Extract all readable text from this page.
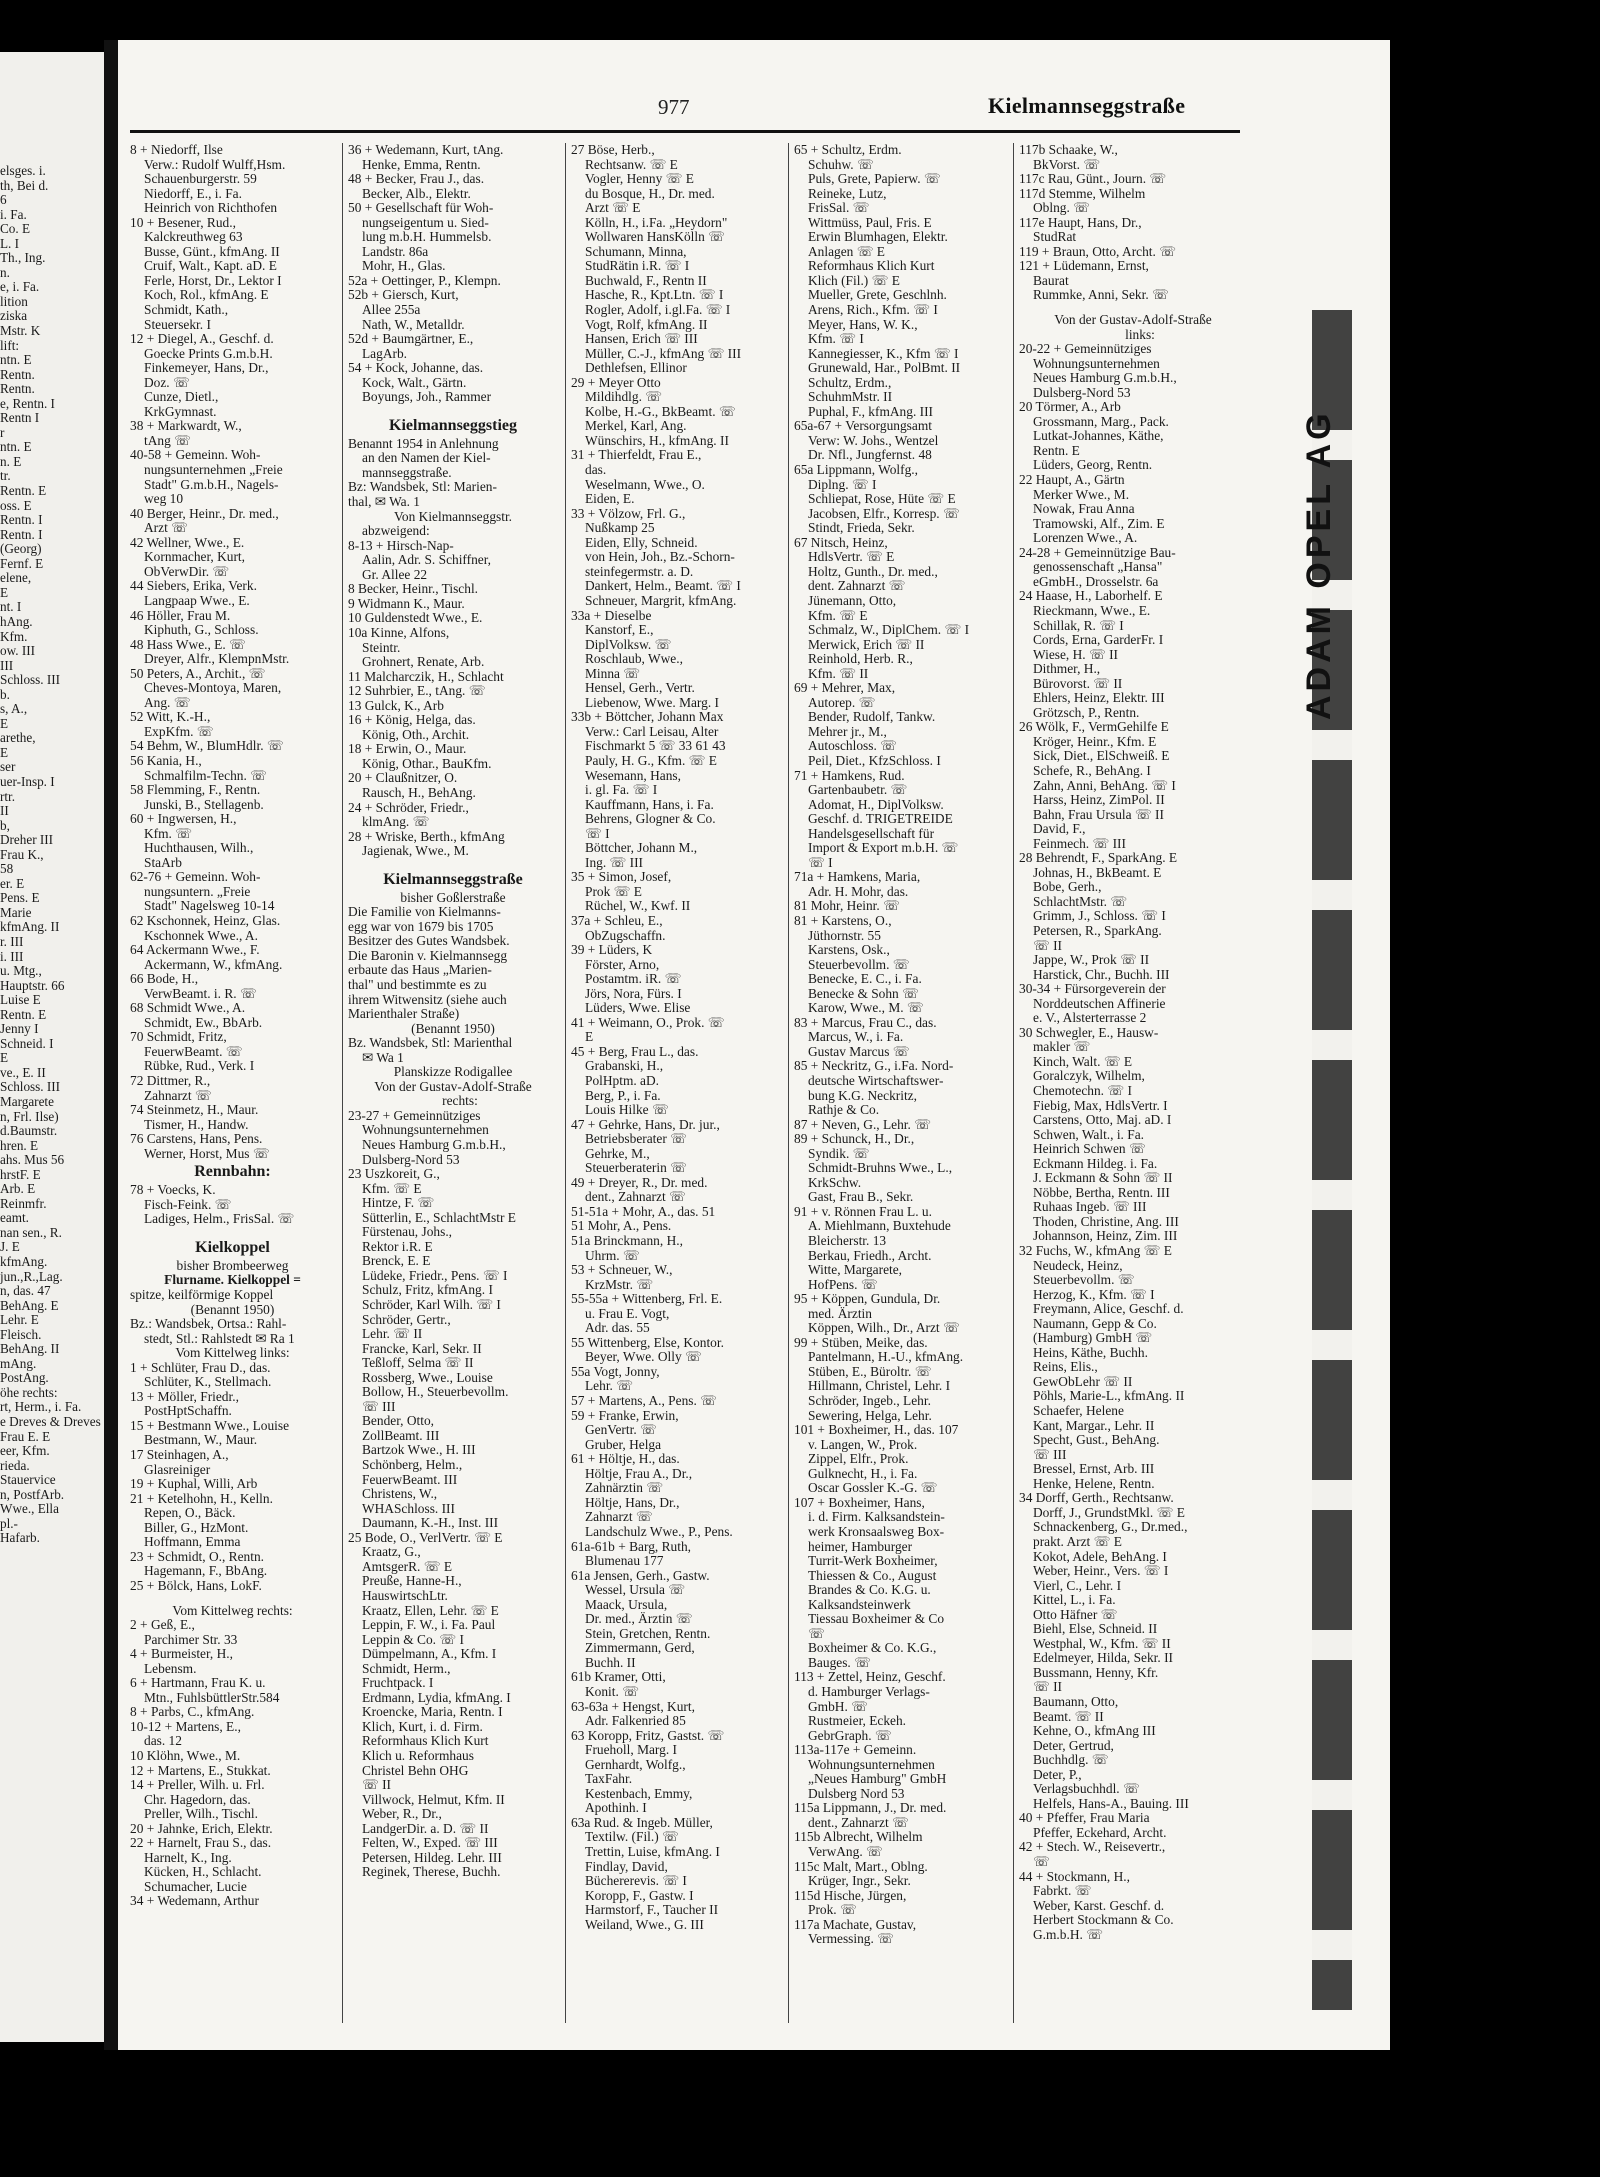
elsges. i.
th, Bei d.
6
i. Fa.
Co. E
L. I
Th., Ing.
n.
e, i. Fa.
lition
ziska
Mstr. K
lift:
ntn. E
Rentn.
Rentn.
e, Rentn. I
Rentn I
r
ntn. E
n. E
tr.
Rentn. E
oss. E
Rentn. I
Rentn. I
(Georg)
Fernf. E
elene,
E
nt. I
hAng.
Kfm.
ow. III
III
Schloss. III
b.
s, A.,
E
arethe,
E
ser
uer-Insp. I
rtr.
II
b,
Dreher III
Frau K.,
58
er. E
Pens. E
Marie
kfmAng. II
r. III
i. III
u. Mtg.,
Hauptstr. 66
Luise E
Rentn. E
Jenny I
Schneid. I
E
ve., E. II
Schloss. III
Margarete
n, Frl. Ilse)
d.Baumstr.
hren. E
ahs. Mus 56
hrstF. E
Arb. E
Reinmfr.
eamt.
nan sen., R.
J. E
kfmAng.
jun.,R.,Lag.
n, das. 47
BehAng. E
Lehr. E
Fleisch.
BehAng. II
mAng.
PostAng.
öhe rechts:
rt, Herm., i. Fa.
e Dreves & Dreves
Frau E. E
eer, Kfm.
rieda.
Stauervice
n, PostfArb.
Wwe., Ella
pl.-
Hafarb.
977	Kielmannseggstraße
8 + Niedorff, Ilse
Verw.: Rudolf Wulff,Hsm.
Schauenburgerstr. 59
Niedorff, E., i. Fa.
Heinrich von Richthofen
10 + Besener, Rud.,
Kalckreuthweg 63
Busse, Günt., kfmAng. II
Cruif, Walt., Kapt. aD. E
Ferle, Horst, Dr., Lektor I
Koch, Rol., kfmAng. E
Schmidt, Kath.,
Steuersekr. I
12 + Diegel, A., Geschf. d.
Goecke Prints G.m.b.H.
Finkemeyer, Hans, Dr.,
Doz. ☏
Cunze, Dietl.,
KrkGymnast.
38 + Markwardt, W.,
tAng ☏
40-58 + Gemeinn. Woh-
nungsunternehmen „Freie
Stadt" G.m.b.H., Nagels-
weg 10
40 Berger, Heinr., Dr. med.,
Arzt ☏
42 Wellner, Wwe., E.
Kornmacher, Kurt,
ObVerwDir. ☏
44 Siebers, Erika, Verk.
Langpaap Wwe., E.
46 Höller, Frau M.
Kiphuth, G., Schloss.
48 Hass Wwe., E. ☏
Dreyer, Alfr., KlempnMstr.
50 Peters, A., Archit., ☏
Cheves-Montoya, Maren,
Ang. ☏
52 Witt, K.-H.,
ExpKfm. ☏
54 Behm, W., BlumHdlr. ☏
56 Kania, H.,
Schmalfilm-Techn. ☏
58 Flemming, F., Rentn.
Junski, B., Stellagenb.
60 + Ingwersen, H.,
Kfm. ☏
Huchthausen, Wilh.,
StaArb
62-76 + Gemeinn. Woh-
nungsuntern. „Freie
Stadt" Nagelsweg 10-14
62 Kschonnek, Heinz, Glas.
Kschonnek Wwe., A.
64 Ackermann Wwe., F.
Ackermann, W., kfmAng.
66 Bode, H.,
VerwBeamt. i. R. ☏
68 Schmidt Wwe., A.
Schmidt, Ew., BbArb.
70 Schmidt, Fritz,
FeuerwBeamt. ☏
Rübke, Rud., Verk. I
72 Dittmer, R.,
Zahnarzt ☏
74 Steinmetz, H., Maur.
Tismer, H., Handw.
76 Carstens, Hans, Pens.
Werner, Horst, Mus ☏
Rennbahn:
78 + Voecks, K.
Fisch-Feink. ☏
Ladiges, Helm., FrisSal. ☏
Kielkoppel
bisher Brombeerweg
Flurname. Kielkoppel =
spitze, keilförmige Koppel
(Benannt 1950)
Bz.: Wandsbek, Ortsa.: Rahl-
stedt, Stl.: Rahlstedt ✉ Ra 1
Vom Kittelweg links:
1 + Schlüter, Frau D., das.
Schlüter, K., Stellmach.
13 + Möller, Friedr.,
PostHptSchaffn.
15 + Bestmann Wwe., Louise
Bestmann, W., Maur.
17 Steinhagen, A.,
Glasreiniger
19 + Kuphal, Willi, Arb
21 + Ketelhohn, H., Kelln.
Repen, O., Bäck.
Biller, G., HzMont.
Hoffmann, Emma
23 + Schmidt, O., Rentn.
Hagemann, F., BbAng.
25 + Bölck, Hans, LokF.
Vom Kittelweg rechts:
2 + Geß, E.,
Parchimer Str. 33
4 + Burmeister, H.,
Lebensm.
6 + Hartmann, Frau K. u.
Mtn., FuhlsbüttlerStr.584
8 + Parbs, C., kfmAng.
10-12 + Martens, E.,
das. 12
10 Klöhn, Wwe., M.
12 + Martens, E., Stukkat.
14 + Preller, Wilh. u. Frl.
Chr. Hagedorn, das.
Preller, Wilh., Tischl.
20 + Jahnke, Erich, Elektr.
22 + Harnelt, Frau S., das.
Harnelt, K., Ing.
Kücken, H., Schlacht.
Schumacher, Lucie
34 + Wedemann, Arthur
36 + Wedemann, Kurt, tAng.
Henke, Emma, Rentn.
48 + Becker, Frau J., das.
Becker, Alb., Elektr.
50 + Gesellschaft für Woh-
nungseigentum u. Sied-
lung m.b.H. Hummelsb.
Landstr. 86a
Mohr, H., Glas.
52a + Oettinger, P., Klempn.
52b + Giersch, Kurt,
Allee 255a
Nath, W., Metalldr.
52d + Baumgärtner, E.,
LagArb.
54 + Kock, Johanne, das.
Kock, Walt., Gärtn.
Boyungs, Joh., Rammer
Kielmannseggstieg
Benannt 1954 in Anlehnung
an den Namen der Kiel-
mannseggstraße.
Bz: Wandsbek, Stl: Marien-
thal, ✉ Wa. 1
Von Kielmannseggstr.
abzweigend:
8-13 + Hirsch-Nap-
Aalin, Adr. S. Schiffner,
Gr. Allee 22
8 Becker, Heinr., Tischl.
9 Widmann K., Maur.
10 Guldenstedt Wwe., E.
10a Kinne, Alfons,
Steintr.
Grohnert, Renate, Arb.
11 Malcharczik, H., Schlacht
12 Suhrbier, E., tAng. ☏
13 Gulck, K., Arb
16 + König, Helga, das.
König, Oth., Archit.
18 + Erwin, O., Maur.
König, Othar., BauKfm.
20 + Claußnitzer, O.
Rausch, H., BehAng.
24 + Schröder, Friedr.,
klmAng. ☏
28 + Wriske, Berth., kfmAng
Jagienak, Wwe., M.
Kielmannseggstraße
bisher Goßlerstraße
Die Familie von Kielmanns-
egg war von 1679 bis 1705
Besitzer des Gutes Wandsbek.
Die Baronin v. Kielmannsegg
erbaute das Haus „Marien-
thal" und bestimmte es zu
ihrem Witwensitz (siehe auch
Marienthaler Straße)
(Benannt 1950)
Bz. Wandsbek, Stl: Marienthal
✉ Wa 1
Planskizze Rodigallee
Von der Gustav-Adolf-Straße
rechts:
23-27 + Gemeinnütziges
Wohnungsunternehmen
Neues Hamburg G.m.b.H.,
Dulsberg-Nord 53
23 Uszkoreit, G.,
Kfm. ☏ E
Hintze, F. ☏
Sütterlin, E., SchlachtMstr E
Fürstenau, Johs.,
Rektor i.R. E
Brenck, E. E
Lüdeke, Friedr., Pens. ☏ I
Schulz, Fritz, kfmAng. I
Schröder, Karl Wilh. ☏ I
Schröder, Gertr.,
Lehr. ☏ II
Francke, Karl, Sekr. II
Teßloff, Selma ☏ II
Rossberg, Wwe., Louise
Bollow, H., Steuerbevollm.
☏ III
Bender, Otto,
ZollBeamt. III
Bartzok Wwe., H. III
Schönberg, Helm.,
FeuerwBeamt. III
Christens, W.,
WHASchloss. III
Daumann, K.-H., Inst. III
25 Bode, O., VerlVertr. ☏ E
Kraatz, G.,
AmtsgerR. ☏ E
Preuße, Hanne-H.,
HauswirtschLtr.
Kraatz, Ellen, Lehr. ☏ E
Leppin, F. W., i. Fa. Paul
Leppin & Co. ☏ I
Dümpelmann, A., Kfm. I
Schmidt, Herm.,
Fruchtpack. I
Erdmann, Lydia, kfmAng. I
Kroencke, Maria, Rentn. I
Klich, Kurt, i. d. Firm.
Reformhaus Klich Kurt
Klich u. Reformhaus
Christel Behn OHG
☏ II
Villwock, Helmut, Kfm. II
Weber, R., Dr.,
LandgerDir. a. D. ☏ II
Felten, W., Exped. ☏ III
Petersen, Hildeg. Lehr. III
Reginek, Therese, Buchh.
27 Böse, Herb.,
Rechtsanw. ☏ E
Vogler, Henny ☏ E
du Bosque, H., Dr. med.
Arzt ☏ E
Kölln, H., i.Fa. „Heydorn"
Wollwaren HansKölln ☏
Schumann, Minna,
StudRätin i.R. ☏ I
Buchwald, F., Rentn II
Hasche, R., Kpt.Ltn. ☏ I
Rogler, Adolf, i.gl.Fa. ☏ I
Vogt, Rolf, kfmAng. II
Hansen, Erich ☏ III
Müller, C.-J., kfmAng ☏ III
Dethlefsen, Ellinor
29 + Meyer Otto
Mildihdlg. ☏
Kolbe, H.-G., BkBeamt. ☏
Merkel, Karl, Ang.
Wünschirs, H., kfmAng. II
31 + Thierfeldt, Frau E.,
das.
Weselmann, Wwe., O.
Eiden, E.
33 + Völzow, Frl. G.,
Nußkamp 25
Eiden, Elly, Schneid.
von Hein, Joh., Bz.-Schorn-
steinfegermstr. a. D.
Dankert, Helm., Beamt. ☏ I
Schneuer, Margrit, kfmAng.
33a + Dieselbe
Kanstorf, E.,
DiplVolksw. ☏
Roschlaub, Wwe.,
Minna ☏
Hensel, Gerh., Vertr.
Liebenow, Wwe. Marg. I
33b + Böttcher, Johann Max
Verw.: Carl Leisau, Alter
Fischmarkt 5 ☏ 33 61 43
Pauly, H. G., Kfm. ☏ E
Wesemann, Hans,
i. gl. Fa. ☏ I
Kauffmann, Hans, i. Fa.
Behrens, Glogner & Co.
☏ I
Böttcher, Johann M.,
Ing. ☏ III
35 + Simon, Josef,
Prok ☏ E
Rüchel, W., Kwf. II
37a + Schleu, E.,
ObZugschaffn.
39 + Lüders, K
Förster, Arno,
Postamtm. iR. ☏
Jörs, Nora, Fürs. I
Lüders, Wwe. Elise
41 + Weimann, O., Prok. ☏
E
45 + Berg, Frau L., das.
Grabanski, H.,
PolHptm. aD.
Berg, P., i. Fa.
Louis Hilke ☏
47 + Gehrke, Hans, Dr. jur.,
Betriebsberater ☏
Gehrke, M.,
Steuerberaterin ☏
49 + Dreyer, R., Dr. med.
dent., Zahnarzt ☏
51-51a + Mohr, A., das. 51
51 Mohr, A., Pens.
51a Brinckmann, H.,
Uhrm. ☏
53 + Schneuer, W.,
KrzMstr. ☏
55-55a + Wittenberg, Frl. E.
u. Frau E. Vogt,
Adr. das. 55
55 Wittenberg, Else, Kontor.
Beyer, Wwe. Olly ☏
55a Vogt, Jonny,
Lehr. ☏
57 + Martens, A., Pens. ☏
59 + Franke, Erwin,
GenVertr. ☏
Gruber, Helga
61 + Höltje, H., das.
Höltje, Frau A., Dr.,
Zahnärztin ☏
Höltje, Hans, Dr.,
Zahnarzt ☏
Landschulz Wwe., P., Pens.
61a-61b + Barg, Ruth,
Blumenau 177
61a Jensen, Gerh., Gastw.
Wessel, Ursula ☏
Maack, Ursula,
Dr. med., Ärztin ☏
Stein, Gretchen, Rentn.
Zimmermann, Gerd,
Buchh. II
61b Kramer, Otti,
Konit. ☏
63-63a + Hengst, Kurt,
Adr. Falkenried 85
63 Koropp, Fritz, Gastst. ☏
Frueholl, Marg. I
Gernhardt, Wolfg.,
TaxFahr.
Kestenbach, Emmy,
Apothinh. I
63a Rud. & Ingeb. Müller,
Textilw. (Fil.) ☏
Trettin, Luise, kfmAng. I
Findlay, David,
Büchererevis. ☏ I
Koropp, F., Gastw. I
Harmstorf, F., Taucher II
Weiland, Wwe., G. III
65 + Schultz, Erdm.
Schuhw. ☏
Puls, Grete, Papierw. ☏
Reineke, Lutz,
FrisSal. ☏
Wittmüss, Paul, Fris. E
Erwin Blumhagen, Elektr.
Anlagen ☏ E
Reformhaus Klich Kurt
Klich (Fil.) ☏ E
Mueller, Grete, Geschlnh.
Arens, Rich., Kfm. ☏ I
Meyer, Hans, W. K.,
Kfm. ☏ I
Kannegiesser, K., Kfm ☏ I
Grunewald, Har., PolBmt. II
Schultz, Erdm.,
SchuhmMstr. II
Puphal, F., kfmAng. III
65a-67 + Versorgungsamt
Verw: W. Johs., Wentzel
Dr. Nfl., Jungfernst. 48
65a Lippmann, Wolfg.,
Diplng. ☏ I
Schliepat, Rose, Hüte ☏ E
Jacobsen, Elfr., Korresp. ☏
Stindt, Frieda, Sekr.
67 Nitsch, Heinz,
HdlsVertr. ☏ E
Holtz, Gunth., Dr. med.,
dent. Zahnarzt ☏
Jünemann, Otto,
Kfm. ☏ E
Schmalz, W., DiplChem. ☏ I
Merwick, Erich ☏ II
Reinhold, Herb. R.,
Kfm. ☏ II
69 + Mehrer, Max,
Autorep. ☏
Bender, Rudolf, Tankw.
Mehrer jr., M.,
Autoschloss. ☏
Peil, Diet., KfzSchloss. I
71 + Hamkens, Rud.
Gartenbaubetr. ☏
Adomat, H., DiplVolksw.
Geschf. d. TRIGETREIDE
Handelsgesellschaft für
Import & Export m.b.H. ☏
☏ I
71a + Hamkens, Maria,
Adr. H. Mohr, das.
81 Mohr, Heinr. ☏
81 + Karstens, O.,
Jüthornstr. 55
Karstens, Osk.,
Steuerbevollm. ☏
Benecke, E. C., i. Fa.
Benecke & Sohn ☏
Karow, Wwe., M. ☏
83 + Marcus, Frau C., das.
Marcus, W., i. Fa.
Gustav Marcus ☏
85 + Neckritz, G., i.Fa. Nord-
deutsche Wirtschaftswer-
bung K.G. Neckritz,
Rathje & Co.
87 + Neven, G., Lehr. ☏
89 + Schunck, H., Dr.,
Syndik. ☏
Schmidt-Bruhns Wwe., L.,
KrkSchw.
Gast, Frau B., Sekr.
91 + v. Rönnen Frau L. u.
A. Miehlmann, Buxtehude
Bleicherstr. 13
Berkau, Friedh., Archt.
Witte, Margarete,
HofPens. ☏
95 + Köppen, Gundula, Dr.
med. Ärztin
Köppen, Wilh., Dr., Arzt ☏
99 + Stüben, Meike, das.
Pantelmann, H.-U., kfmAng.
Stüben, E., Büroltr. ☏
Hillmann, Christel, Lehr. I
Schröder, Ingeb., Lehr.
Sewering, Helga, Lehr.
101 + Boxheimer, H., das. 107
v. Langen, W., Prok.
Zippel, Elfr., Prok.
Gulknecht, H., i. Fa.
Oscar Gossler K.-G. ☏
107 + Boxheimer, Hans,
i. d. Firm. Kalksandstein-
werk Kronsaalsweg Box-
heimer, Hamburger
Turrit-Werk Boxheimer,
Thiessen & Co., August
Brandes & Co. K.G. u.
Kalksandsteinwerk
Tiessau Boxheimer & Co
☏
Boxheimer & Co. K.G.,
Bauges. ☏
113 + Zettel, Heinz, Geschf.
d. Hamburger Verlags-
GmbH. ☏
Rustmeier, Eckeh.
GebrGraph. ☏
113a-117e + Gemeinn.
Wohnungsunternehmen
„Neues Hamburg" GmbH
Dulsberg Nord 53
115a Lippmann, J., Dr. med.
dent., Zahnarzt ☏
115b Albrecht, Wilhelm
VerwAng. ☏
115c Malt, Mart., Oblng.
Krüger, Ingr., Sekr.
115d Hische, Jürgen,
Prok. ☏
117a Machate, Gustav,
Vermessing. ☏
117b Schaake, W.,
BkVorst. ☏
117c Rau, Günt., Journ. ☏
117d Stemme, Wilhelm
Oblng. ☏
117e Haupt, Hans, Dr.,
StudRat
119 + Braun, Otto, Archt. ☏
121 + Lüdemann, Ernst,
Baurat
Rummke, Anni, Sekr. ☏
Von der Gustav-Adolf-Straße
links:
20-22 + Gemeinnütziges
Wohnungsunternehmen
Neues Hamburg G.m.b.H.,
Dulsberg-Nord 53
20 Törmer, A., Arb
Grossmann, Marg., Pack.
Lutkat-Johannes, Käthe,
Rentn. E
Lüders, Georg, Rentn.
22 Haupt, A., Gärtn
Merker Wwe., M.
Nowak, Frau Anna
Tramowski, Alf., Zim. E
Lorenzen Wwe., A.
24-28 + Gemeinnützige Bau-
genossenschaft „Hansa"
eGmbH., Drosselstr. 6a
24 Haase, H., Laborhelf. E
Rieckmann, Wwe., E.
Schillak, R. ☏ I
Cords, Erna, GarderFr. I
Wiese, H. ☏ II
Dithmer, H.,
Bürovorst. ☏ II
Ehlers, Heinz, Elektr. III
Grötzsch, P., Rentn.
26 Wölk, F., VermGehilfe E
Kröger, Heinr., Kfm. E
Sick, Diet., ElSchweiß. E
Schefe, R., BehAng. I
Zahn, Anni, BehAng. ☏ I
Harss, Heinz, ZimPol. II
Bahn, Frau Ursula ☏ II
David, F.,
Feinmech. ☏ III
28 Behrendt, F., SparkAng. E
Johnas, H., BkBeamt. E
Bobe, Gerh.,
SchlachtMstr. ☏
Grimm, J., Schloss. ☏ I
Petersen, R., SparkAng.
☏ II
Jappe, W., Prok ☏ II
Harstick, Chr., Buchh. III
30-34 + Fürsorgeverein der
Norddeutschen Affinerie
e. V., Alsterterrasse 2
30 Schwegler, E., Hausw-
makler ☏
Kinch, Walt. ☏ E
Goralczyk, Wilhelm,
Chemotechn. ☏ I
Fiebig, Max, HdlsVertr. I
Carstens, Otto, Maj. aD. I
Schwen, Walt., i. Fa.
Heinrich Schwen ☏
Eckmann Hildeg. i. Fa.
J. Eckmann & Sohn ☏ II
Nöbbe, Bertha, Rentn. III
Ruhaas Ingeb. ☏ III
Thoden, Christine, Ang. III
Johannson, Heinz, Zim. III
32 Fuchs, W., kfmAng ☏ E
Neudeck, Heinz,
Steuerbevollm. ☏
Herzog, K., Kfm. ☏ I
Freymann, Alice, Geschf. d.
Naumann, Gepp & Co.
(Hamburg) GmbH ☏
Heins, Käthe, Buchh.
Reins, Elis.,
GewObLehr ☏ II
Pöhls, Marie-L., kfmAng. II
Schaefer, Helene
Kant, Margar., Lehr. II
Specht, Gust., BehAng.
☏ III
Bressel, Ernst, Arb. III
Henke, Helene, Rentn.
34 Dorff, Gerth., Rechtsanw.
Dorff, J., GrundstMkl. ☏ E
Schnackenberg, G., Dr.med.,
prakt. Arzt ☏ E
Kokot, Adele, BehAng. I
Weber, Heinr., Vers. ☏ I
Vierl, C., Lehr. I
Kittel, L., i. Fa.
Otto Häfner ☏
Biehl, Else, Schneid. II
Westphal, W., Kfm. ☏ II
Edelmeyer, Hilda, Sekr. II
Bussmann, Henny, Kfr.
☏ II
Baumann, Otto,
Beamt. ☏ II
Kehne, O., kfmAng III
Deter, Gertrud,
Buchhdlg. ☏
Deter, P.,
Verlagsbuchhdl. ☏
Helfels, Hans-A., Bauing. III
40 + Pfeffer, Frau Maria
Pfeffer, Eckehard, Archt.
42 + Stech. W., Reisevertr.,
☏
44 + Stockmann, H.,
Fabrkt. ☏
Weber, Karst. Geschf. d.
Herbert Stockmann & Co.
G.m.b.H. ☏
ADAM OPEL AG
